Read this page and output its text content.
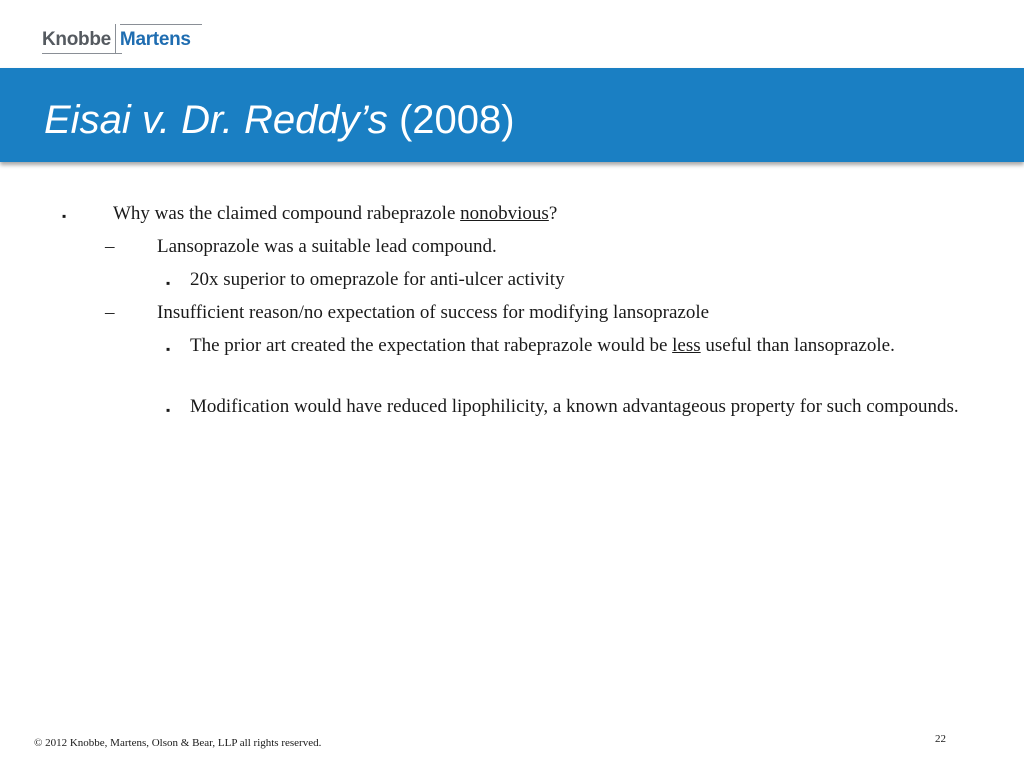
Knobbe Martens
Eisai v. Dr. Reddy’s (2008)
▪ Why was the claimed compound rabeprazole nonobvious?
– Lansoprazole was a suitable lead compound.
▪ 20x superior to omeprazole for anti-ulcer activity
– Insufficient reason/no expectation of success for modifying lansoprazole
▪ The prior art created the expectation that rabeprazole would be less useful than lansoprazole.
▪ Modification would have reduced lipophilicity, a known advantageous property for such compounds.
© 2012 Knobbe, Martens, Olson & Bear, LLP all rights reserved.	22
